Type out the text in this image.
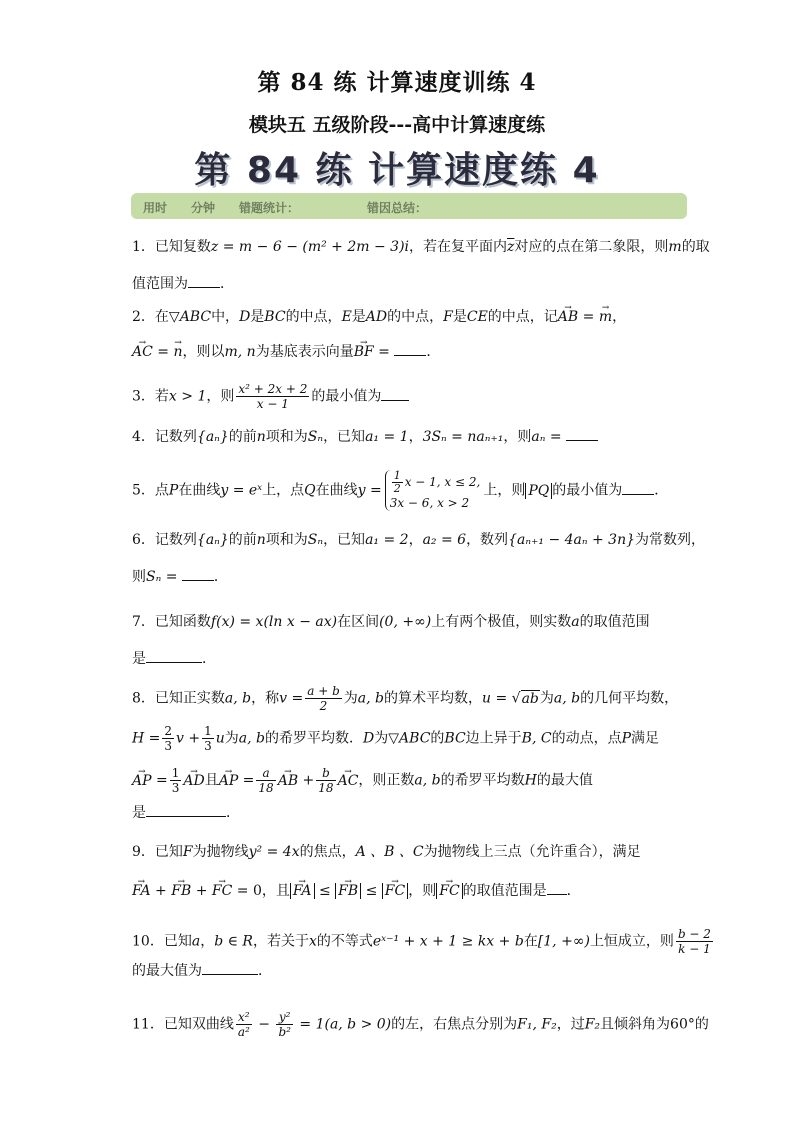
第 84 练 计算速度训练 4
模块五 五级阶段---高中计算速度练
第 84 练 计算速度练 4
用时 分钟 错题统计：	错因总结：
1．已知复数z = m − 6 − (m² + 2m − 3)i，若在复平面内$\overline{z}$对应的点在第二象限，则m的取
值范围为 ．
2．在▽ABC中，D是BC的中点，E是AD的中点，F是CE的中点，记→ AB = → m，
→ AC = → n，则以m, n为基底表示向量→ BF = ．
3．若x > 1，则 $\frac{\text{x² + 2x + 2}}{x - 1}$ 的最小值为
4．记数列{aₙ}的前n项和为Sₙ，已知a₁ = 1，3Sₙ = naₙ₊₁，则aₙ =
5．点P在曲线y = eˣ上，点Q在曲线$y = \frac{1}{2}$ x − 1, x ≤ 2,
3x − 6, x > 2上，则 PQ 的最小值为 ．
6．记数列{aₙ}的前n项和为Sₙ，已知a₁ = 2，a₂ = 6，数列{aₙ₊₁ − 4aₙ + 3n}为常数列，
则Sₙ = ．
7．已知函数f(x) = x(ln x − ax)在区间(0, +∞)上有两个极值，则实数a的取值范围
是	．
8．已知正实数a, b，称$v = \frac{a + b}{2}$ 为a, b的算术平均数，u = √ab为a, b的几何平均数，
$H = \frac{2}{3}$ $v + \frac{1}{3}$ u为a, b的希罗平均数．D为▽ABC的BC边上异于B, C的动点，点P满足
→ AP = $\frac{1}{3}$ → AD且→ AP = $\frac{a}{18}$ → AB + $\frac{b}{18}$ → AC，则正数a, b的希罗平均数H的最大值
是	．
9．已知F为抛物线y² = 4x的焦点，A 、B 、C为抛物线上三点（允许重合），满足
→ FA + → FB + → FC = 0，且 → FA ≤ → FB ≤ → FC ，则 → FC 的取值范围是 ．
10．已知a，b ∈ R，若关于x的不等式eˣ⁻¹ + x + 1 ≥ kx + b在[1, +∞)上恒成立，则 $\frac{b - 2}{k - 1}$
的最大值为	．
11．已知双曲线 $\frac{\text{x²}}{\text{a²}} - \frac{\text{y²}}{\text{b²}} = 1(a$, b > 0)的左，右焦点分别为F₁, F₂，过F₂且倾斜角为60°的
